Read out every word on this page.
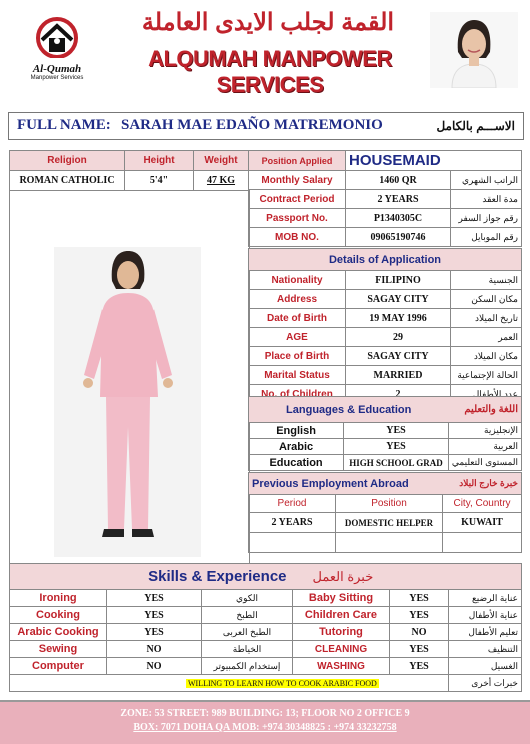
Al-Qumah
Manpower Services
القمة لجلب الايدى العاملة
ALQUMAH MANPOWER SERVICES
FULL NAME: SARAH MAE EDAÑO MATREMONIO	الاســـم بالكامل
Religion	Height	Weight
ROMAN CATHOLIC	5'4"	47 KG
Position Applied	HOUSEMAID	
Monthly Salary	1460 QR	الراتب الشهري
Contract Period	2 YEARS	مدة العقد
Passport No.	P1340305C	رقم جواز السفر
MOB NO.	09065190746	رقم الموبايل
Details of Application		
Nationality	FILIPINO	الجنسية
Address	SAGAY CITY	مكان السكن
Date of Birth	19 MAY 1996	تاريخ الميلاد
AGE	29	العمر
Place of Birth	SAGAY CITY	مكان الميلاد
Marital Status	MARRIED	الحالة الإجتماعية
No. of Children	2	عدد الأطفال
Languages & Education		اللغة والتعليم
English	YES	الإنجليزية
Arabic	YES	العربية
Education	HIGH SCHOOL GRAD	المستوى التعليمي
Previous Employment Abroad		خبرة خارج البلاد
Period	Position	City, Country
2 YEARS	DOMESTIC HELPER	KUWAIT

Skills & Experience			خبرة العمل		
Ironing	YES	الكوي	Baby Sitting	YES	عناية الرضيع
Cooking	YES	الطبخ	Children Care	YES	عناية الأطفال
Arabic Cooking	YES	الطبخ العربى	Tutoring	NO	تعليم الأطفال
Sewing	NO	الخياطة	CLEANING	YES	التنظيف
Computer	NO	إستخدام الكمبيوتر	WASHING	YES	الغسيل
WILLING TO LEARN HOW TO COOK ARABIC FOOD					خبرات أخرى
ZONE: 53 STREET: 989 BUILDING: 13; FLOOR NO 2 OFFICE 9
BOX: 7071 DOHA QA MOB: +974 30348825 : +974 33232758
